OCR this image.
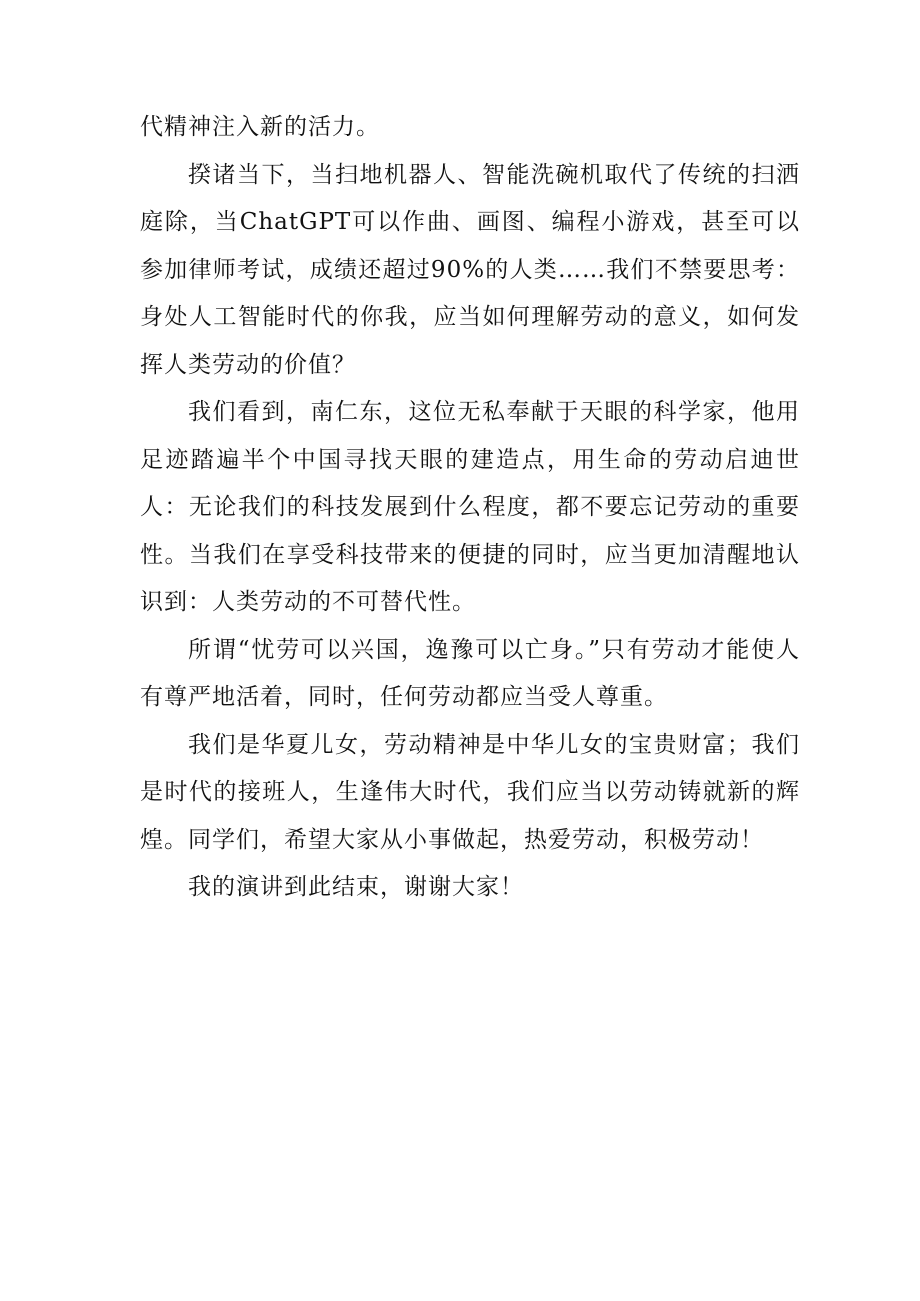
代精神注入新的活力。

揆诸当下，当扫地机器人、智能洗碗机取代了传统的扫洒庭除，当ChatGPT可以作曲、画图、编程小游戏，甚至可以参加律师考试，成绩还超过90%的人类……我们不禁要思考：身处人工智能时代的你我，应当如何理解劳动的意义，如何发挥人类劳动的价值？

我们看到，南仁东，这位无私奉献于天眼的科学家，他用足迹踏遍半个中国寻找天眼的建造点，用生命的劳动启迪世人：无论我们的科技发展到什么程度，都不要忘记劳动的重要性。当我们在享受科技带来的便捷的同时，应当更加清醒地认识到：人类劳动的不可替代性。

所谓“忧劳可以兴国，逸豫可以亡身。”只有劳动才能使人有尊严地活着，同时，任何劳动都应当受人尊重。

我们是华夏儿女，劳动精神是中华儿女的宝贵财富；我们是时代的接班人，生逢伟大时代，我们应当以劳动铸就新的辉煌。同学们，希望大家从小事做起，热爱劳动，积极劳动！

我的演讲到此结束，谢谢大家！
